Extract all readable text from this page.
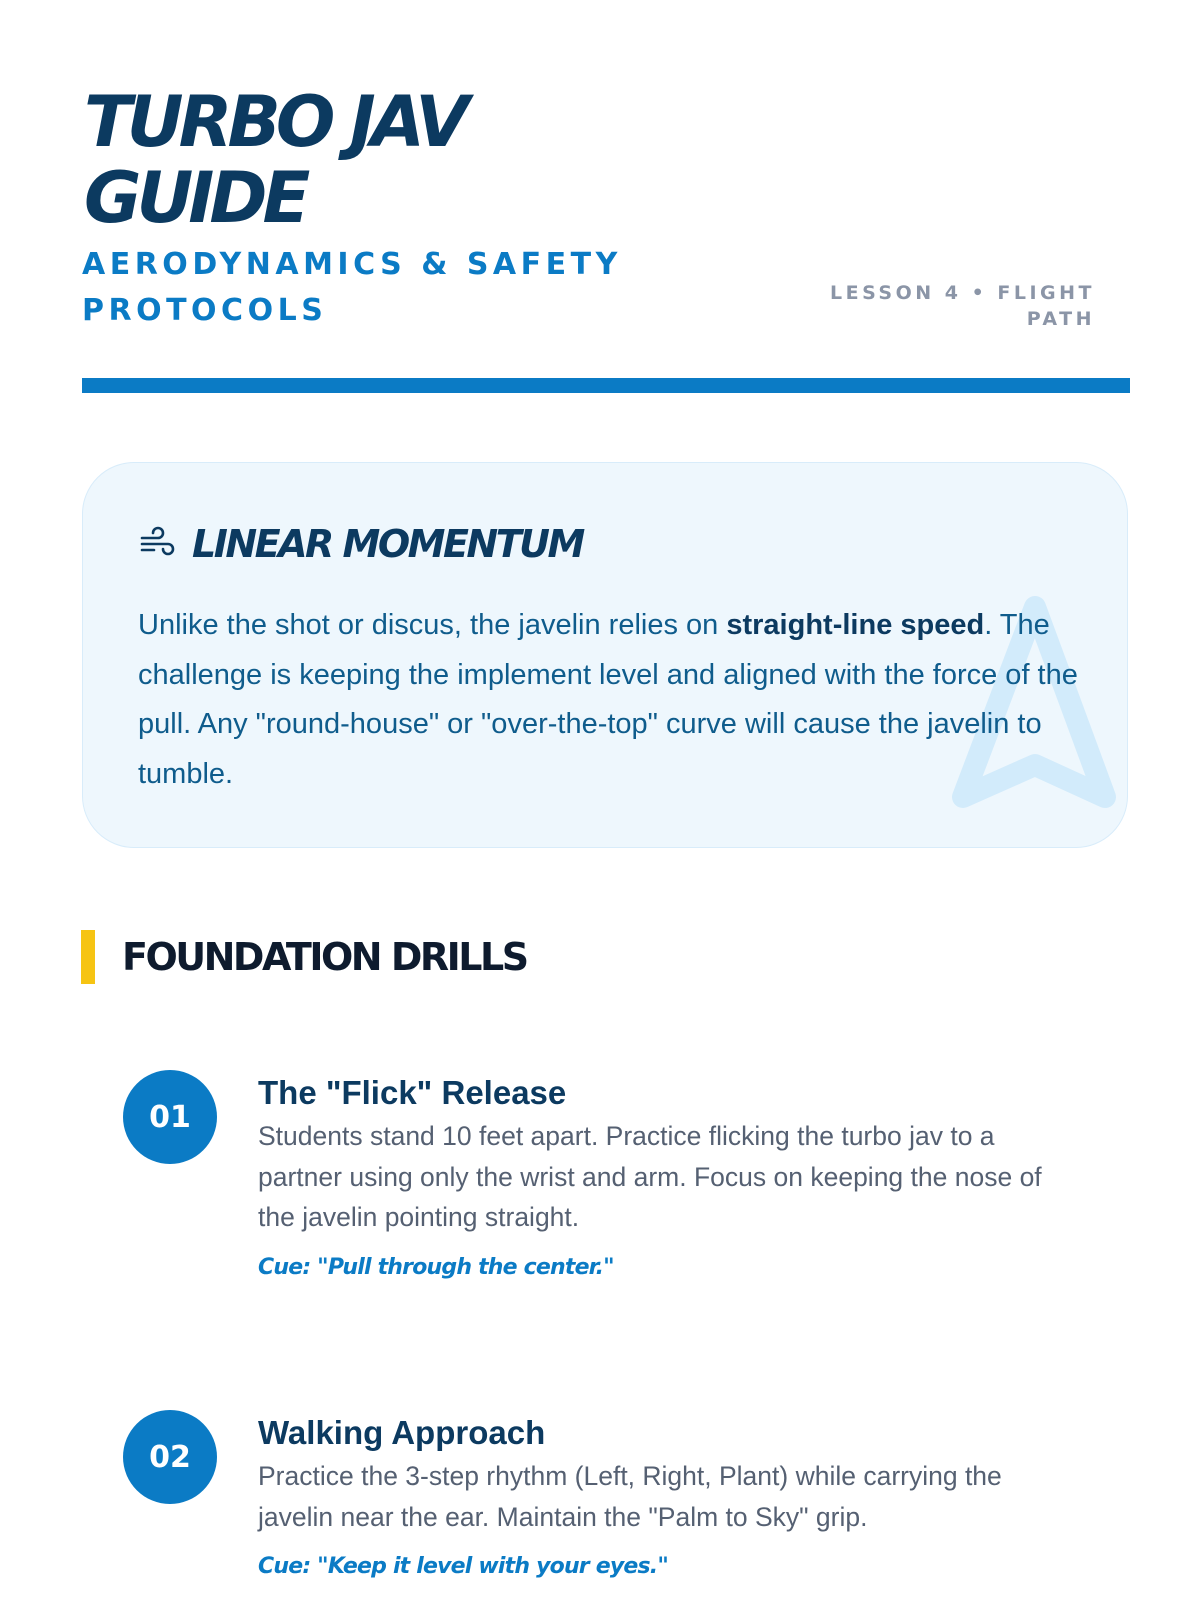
TURBO JAV GUIDE
AERODYNAMICS & SAFETY PROTOCOLS	LESSON 4 • FLIGHT PATH
LINEAR MOMENTUM

Unlike the shot or discus, the javelin relies on straight-line speed. The challenge is keeping the implement level and aligned with the force of the pull. Any "round-house" or "over-the-top" curve will cause the javelin to tumble.

FOUNDATION DRILLS
01
The "Flick" Release

Students stand 10 feet apart. Practice flicking the turbo jav to a partner using only the wrist and arm. Focus on keeping the nose of the javelin pointing straight.

Cue: "Pull through the center."

02
Walking Approach

Practice the 3-step rhythm (Left, Right, Plant) while carrying the javelin near the ear. Maintain the "Palm to Sky" grip.

Cue: "Keep it level with your eyes."
